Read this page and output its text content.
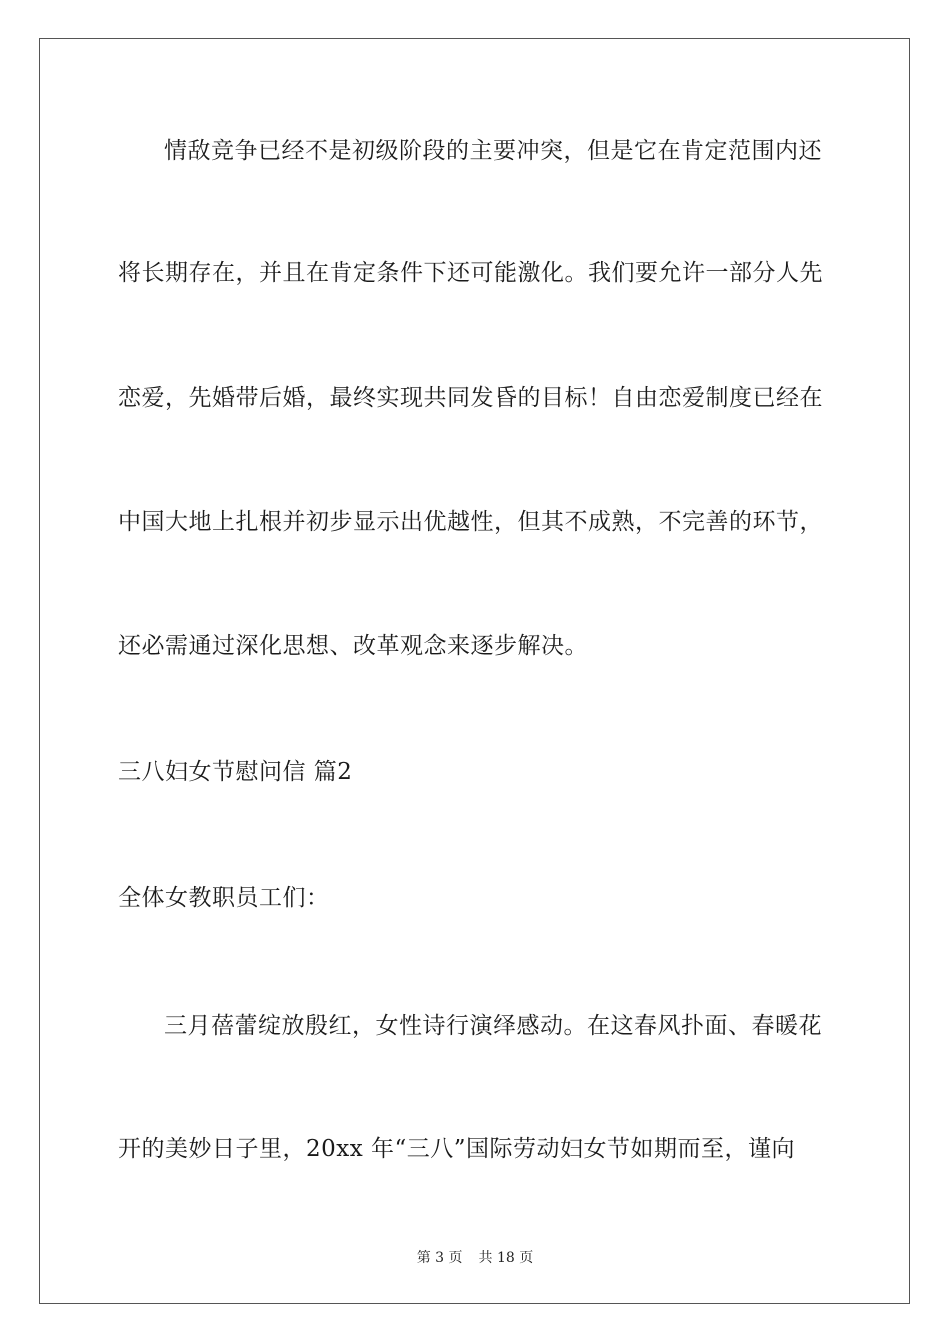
情敌竞争已经不是初级阶段的主要冲突，但是它在肯定范围内还
将长期存在，并且在肯定条件下还可能激化。我们要允许一部分人先
恋爱，先婚带后婚，最终实现共同发昏的目标！自由恋爱制度已经在
中国大地上扎根并初步显示出优越性，但其不成熟，不完善的环节，
还必需通过深化思想、改革观念来逐步解决。
三八妇女节慰问信 篇2
全体女教职员工们：
三月蓓蕾绽放殷红，女性诗行演绎感动。在这春风扑面、春暖花
开的美妙日子里，20xx 年“三八”国际劳动妇女节如期而至，谨向
第 3 页 共 18 页
